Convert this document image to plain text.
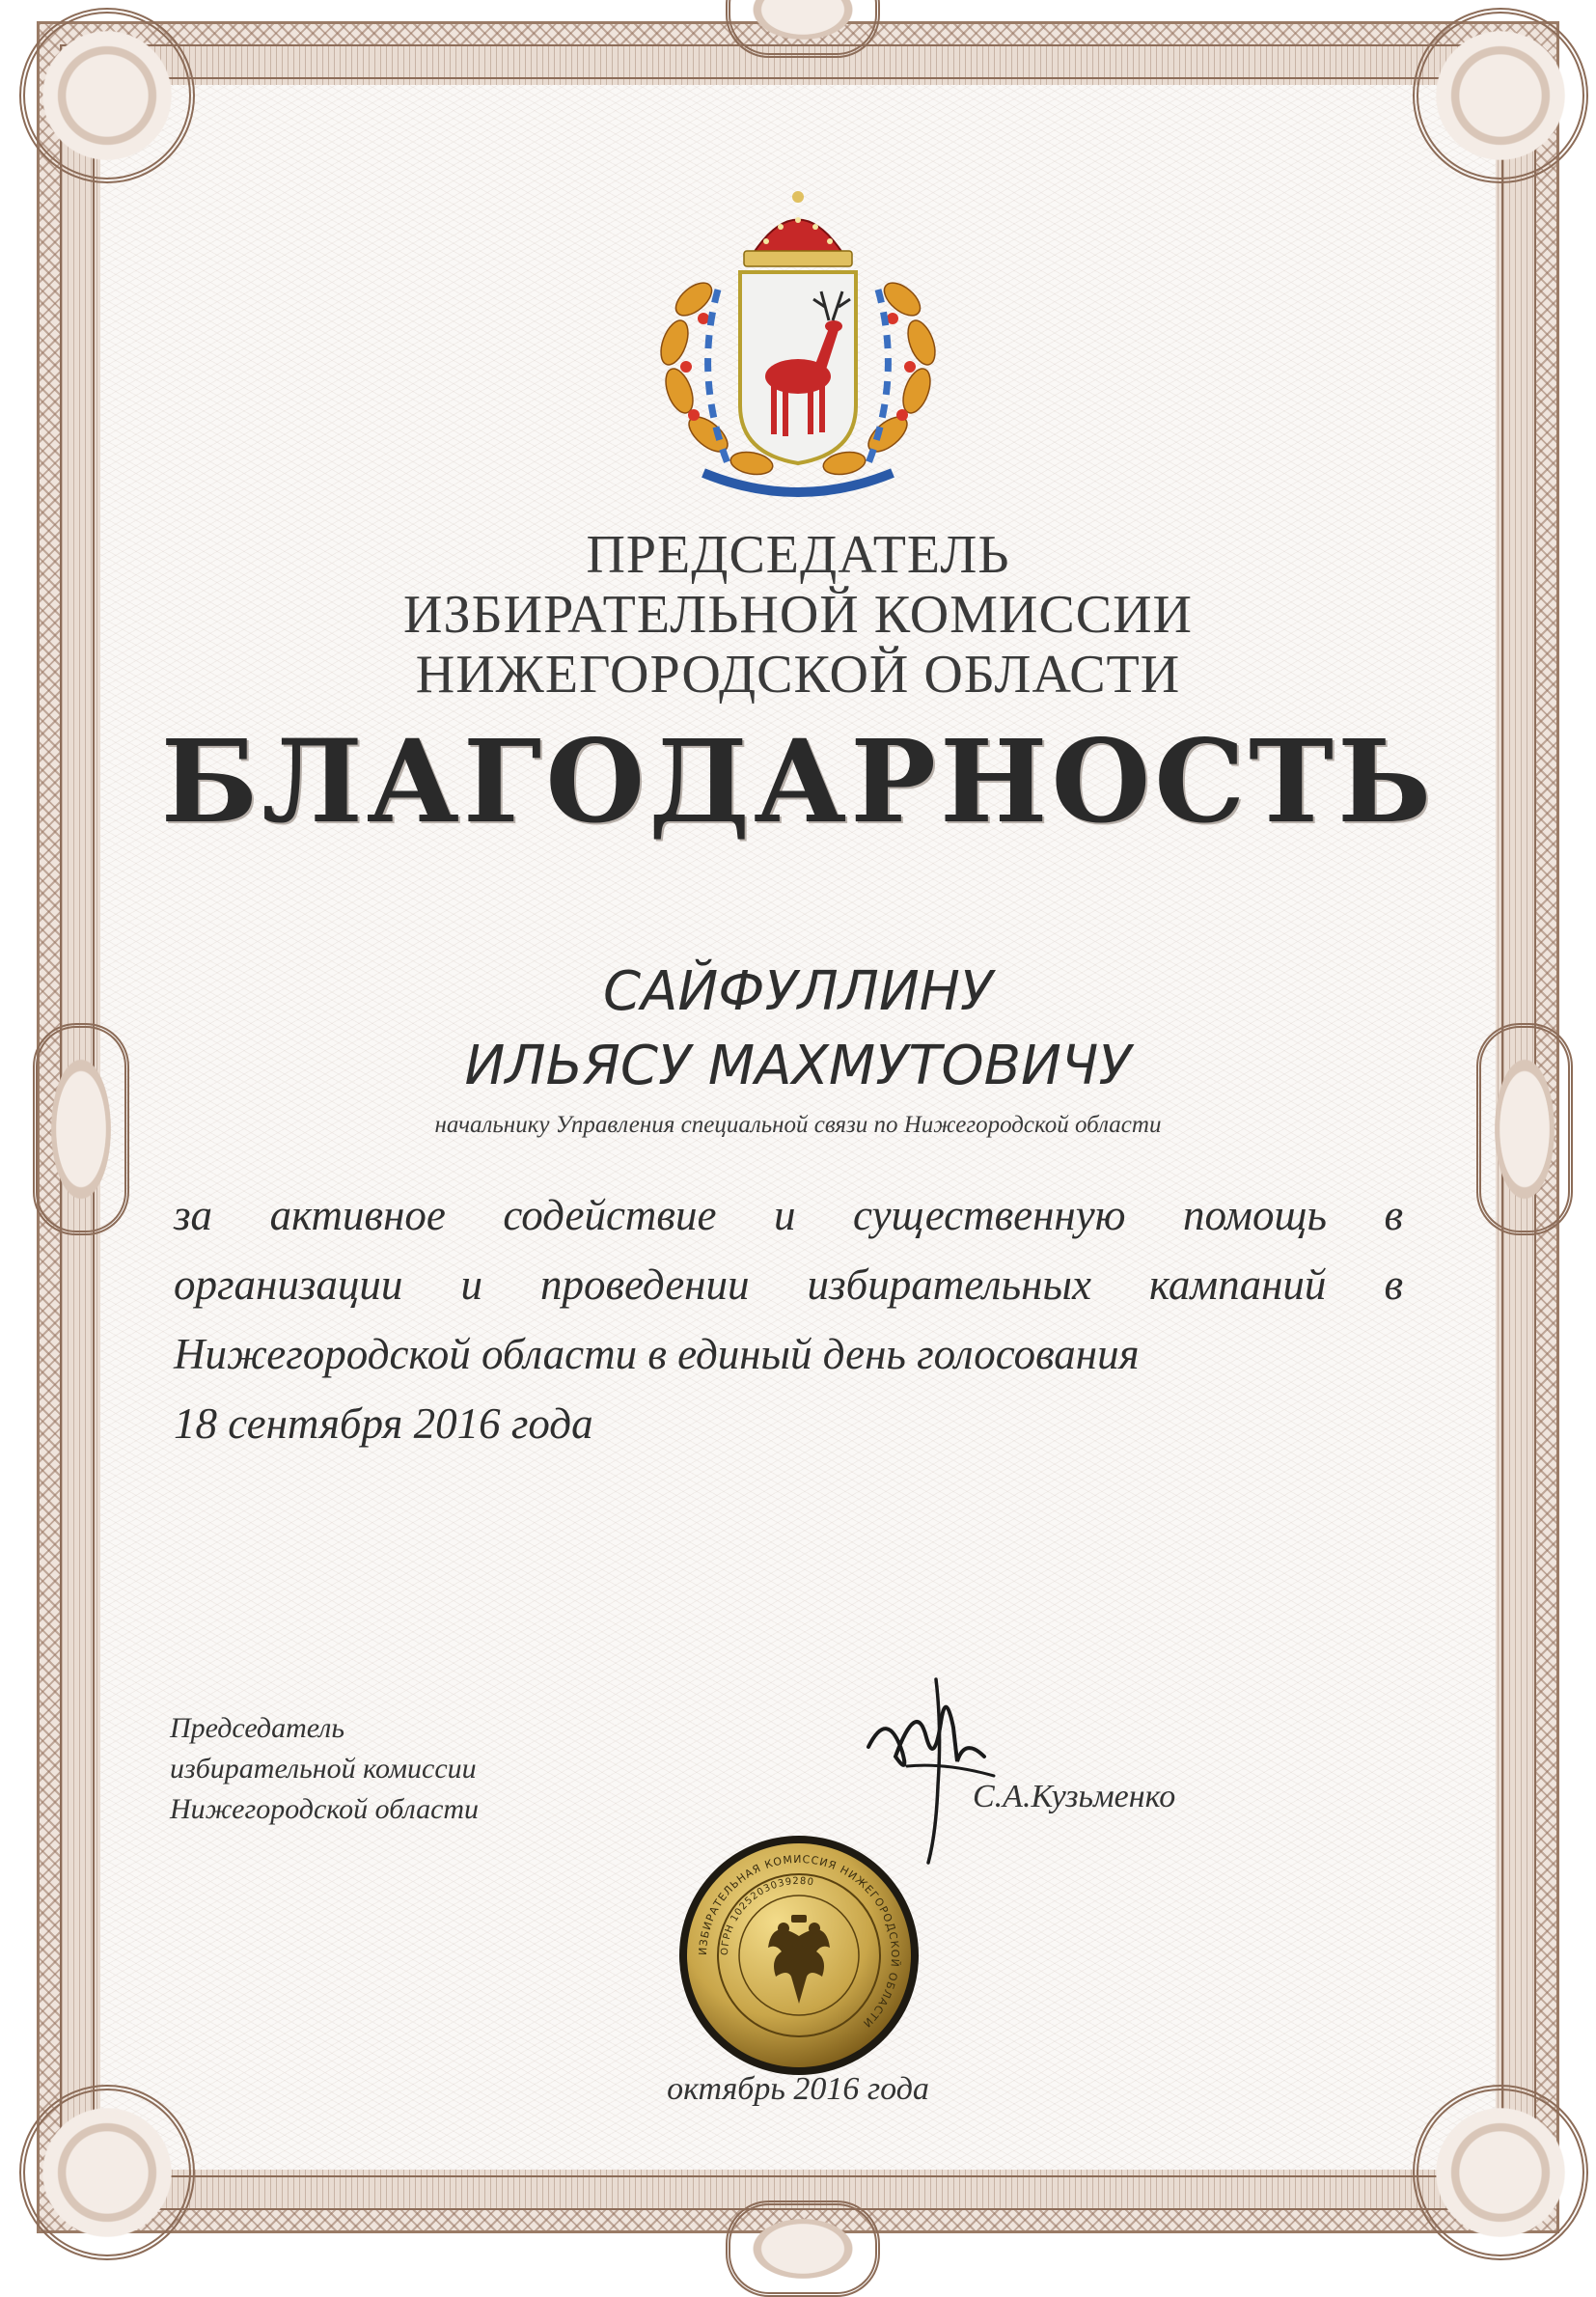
ПРЕДСЕДАТЕЛЬ
ИЗБИРАТЕЛЬНОЙ КОМИССИИ
НИЖЕГОРОДСКОЙ ОБЛАСТИ
БЛАГОДАРНОСТЬ
САЙФУЛЛИНУ
ИЛЬЯСУ МАХМУТОВИЧУ
начальнику Управления специальной связи по Нижегородской области
за активное содействие и существенную помощь в
организации и проведении избирательных кампаний в
Нижегородской области в единый день голосования
18 сентября 2016 года
Председатель
избирательной комиссии
Нижегородской области	С.А.Кузьменко
ИЗБИРАТЕЛЬНАЯ КОМИССИЯ НИЖЕГОРОДСКОЙ ОБЛАСТИ
ОГРН 1025203039280
октябрь 2016 года
